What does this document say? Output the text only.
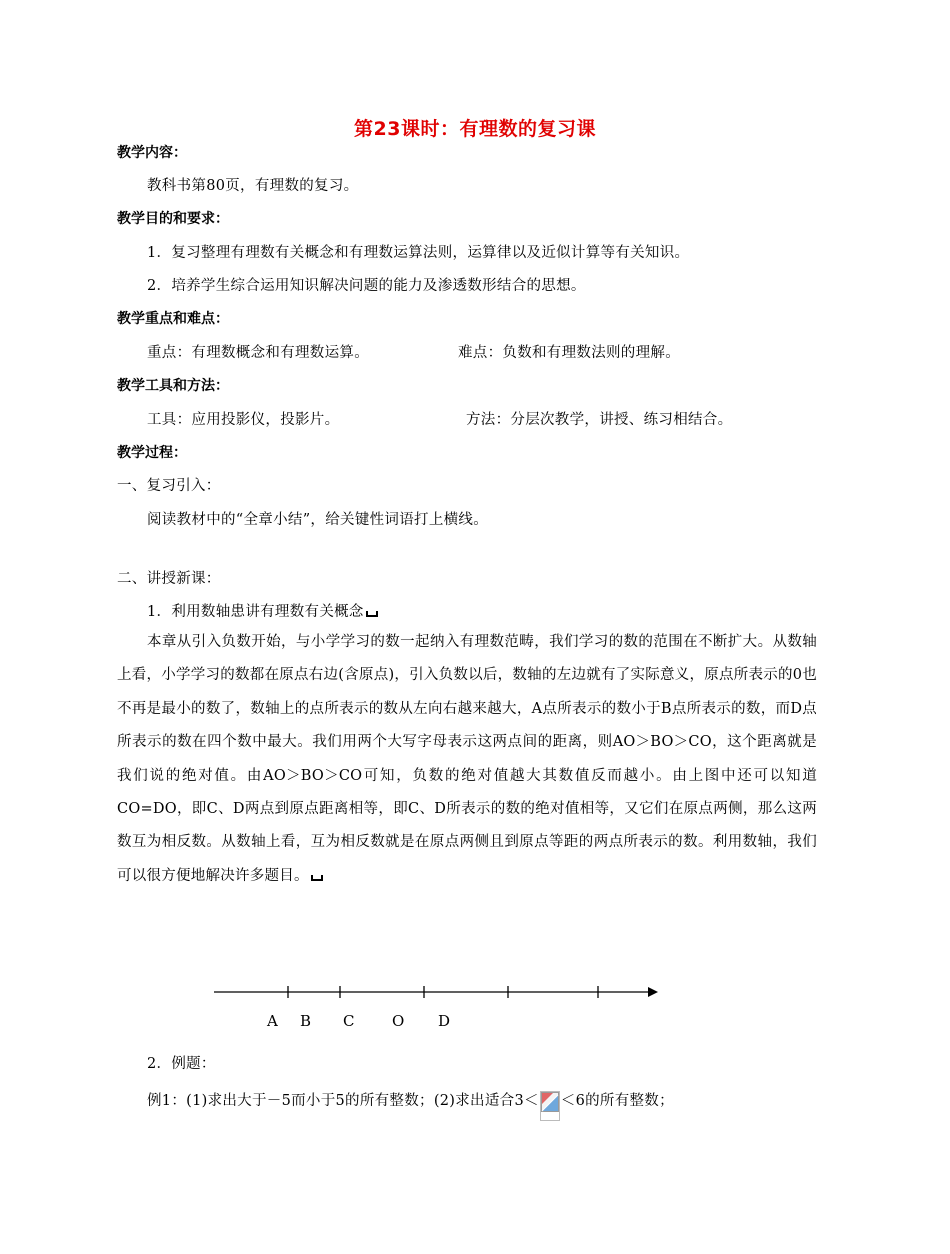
第23课时：有理数的复习课
教学内容：
教科书第80页，有理数的复习。
教学目的和要求：
1．复习整理有理数有关概念和有理数运算法则，运算律以及近似计算等有关知识。
2．培养学生综合运用知识解决问题的能力及渗透数形结合的思想。
教学重点和难点：
重点：有理数概念和有理数运算。	难点：负数和有理数法则的理解。
教学工具和方法：
工具：应用投影仪，投影片。	方法：分层次教学，讲授、练习相结合。
教学过程：
一、复习引入：
阅读教材中的“全章小结”，给关键性词语打上横线。
二、讲授新课：
1．利用数轴患讲有理数有关概念
本章从引入负数开始，与小学学习的数一起纳入有理数范畴，我们学习的数的范围在不断扩大。从数轴上看，小学学习的数都在原点右边(含原点)，引入负数以后，数轴的左边就有了实际意义，原点所表示的0也不再是最小的数了，数轴上的点所表示的数从左向右越来越大，A点所表示的数小于B点所表示的数，而D点所表示的数在四个数中最大。我们用两个大写字母表示这两点间的距离，则AO＞BO＞CO，这个距离就是我们说的绝对值。由AO＞BO＞CO可知，负数的绝对值越大其数值反而越小。由上图中还可以知道CO=DO，即C、D两点到原点距离相等，即C、D所表示的数的绝对值相等，又它们在原点两侧，那么这两数互为相反数。从数轴上看，互为相反数就是在原点两侧且到原点等距的两点所表示的数。利用数轴，我们可以很方便地解决许多题目。
A B C	O D
2．例题：
例1：(1)求出大于－5而小于5的所有整数；(2)求出适合3＜ ＜6的所有整数；
